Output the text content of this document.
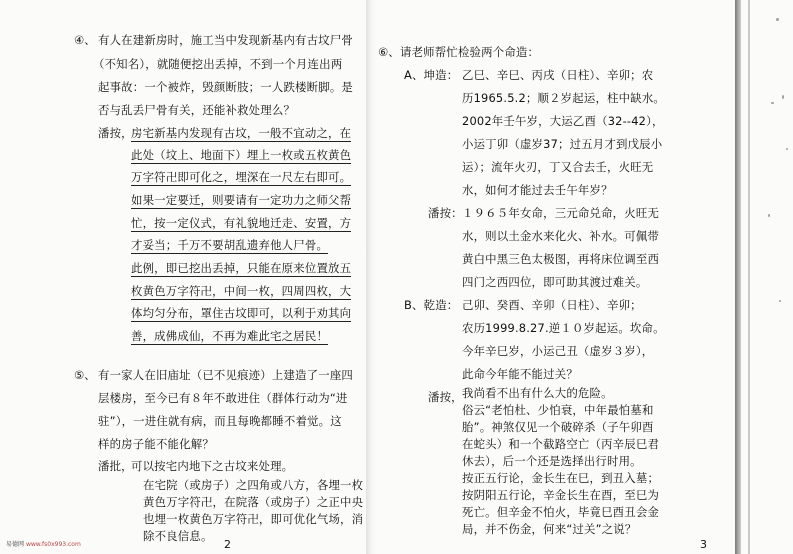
④、 有人在建新房时，施工当中发现新基内有古坟尸骨
（不知名），就随便挖出丢掉，不到一个月连出两
起事故：一个被炸，毁颜断肢；一人跌楼断脚。是
否与乱丢尸骨有关，还能补救处理么？
潘按，
房宅新基内发现有古坟，一般不宜动之，在
此处（坟上、地面下）埋上一枚或五枚黄色
万字符卍即可化之，埋深在一尺左右即可。
如果一定要迁，则要请有一定功力之师父帮
忙，按一定仪式，有礼貌地迁走、安置，方
才妥当；千万不要胡乱遗弃他人尸骨。
此例，即已挖出丢掉，只能在原来位置放五
枚黄色万字符卍，中间一枚，四周四枚，大
体均匀分布，罩住古坟即可，以利于劝其向
善，成佛成仙，不再为难此宅之居民！
⑤、 有一家人在旧庙址（已不见痕迹）上建造了一座四
层楼房，至今已有８年不敢进住（群体行动为“进
驻”），一进住就有病，而且每晚都睡不着觉。这
样的房子能不能化解？
潘批，
可以按宅内地下之古坟来处理。
在宅院（或房子）之四角或八方，各埋一枚
黄色万字符卍，在院落（或房子）之正中央
也埋一枚黄色万字符卍，即可优化气场，消
除不良信息。
2
⑥、 请老师帮忙检验两个命造：
A、坤造： 乙巳、辛巳、丙戌（日柱）、辛卯；农
历1965.5.2；顺２岁起运，柱中缺水。
2002年壬午岁，大运乙酉（32--42），
小运丁卯（虚岁37；过五月才到戊辰小
运）；流年火刃，丁又合去壬，火旺无
水，如何才能过去壬午年岁？
潘按： １９６５年女命，三元命兑命，火旺无
水，则以土金水来化火、补水。可佩带
黄白中黑三色太极图，再将床位调至西
四门之西四位，即可助其渡过难关。
B、乾造： 己卯、癸酉、辛卯（日柱）、辛卯；
农历1999.8.27.逆１０岁起运。坎命。
今年辛巳岁，小运己丑（虚岁３岁），
此命今年能不能过关？
潘按， 我尚看不出有什么大的危险。
俗云“老怕杜、少怕衰，中年最怕墓和
胎”。神煞仅见一个破碎杀（子午卯酉
在蛇头）和一个截路空亡（丙辛辰巳君
休去），后一个还是选择出行时用。
按正五行论，金长生在巳，到丑入墓；
按阴阳五行论，辛金长生在酉，至巳为
死亡。但辛金不怕火，毕竟巳酉丑会金
局，并不伤金，何来“过关”之说？
3
易德网 www.fs0x993.com
